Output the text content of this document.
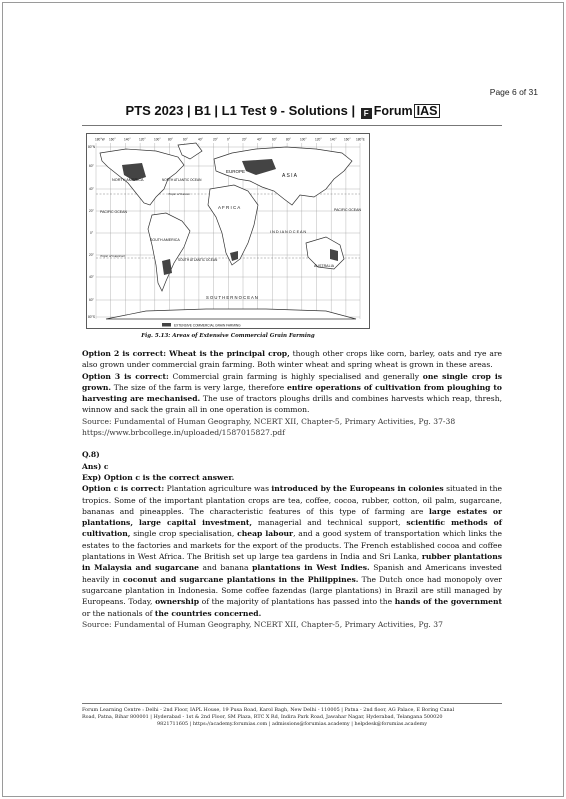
Page 6 of 31
PTS 2023 | B1 | L1 Test 9 - Solutions | F Forum IAS
180°W 160°	140°	120°	100° 80°	60°	40°	20°	0°	20°	40°	60°	80°	100°	120°	140° 160° 180°E
80°N
60°
40°
20°
0°
20°
40°
60°
80°S
EUROPE
A S I A
NORTH AMERICA	NORTH ATLANTIC OCEAN
Tropic of Cancer
PACIFIC OCEAN
A F R I C A	PACIFIC OCEAN
SOUTH AMERICA
I N D I A N O C E A N
Tropic of Capricorn
SOUTH ATLANTIC OCEAN
AUSTRALIA
S O U T H E R N O C E A N
EXTENSIVE COMMERCIAL GRAIN FARMING
Fig. 5.13: Areas of Extensive Commercial Grain Farming

Option 2 is correct: Wheat is the principal crop, though other crops like corn, barley, oats and rye are also grown under commercial grain farming. Both winter wheat and spring wheat is grown in these areas.

Option 3 is correct: Commercial grain farming is highly specialised and generally one single crop is grown. The size of the farm is very large, therefore entire operations of cultivation from ploughing to harvesting are mechanised. The use of tractors ploughs drills and combines harvests which reap, thresh, winnow and sack the grain all in one operation is common.

Source: Fundamental of Human Geography, NCERT XII, Chapter-5, Primary Activities, Pg. 37-38

https://www.brbcollege.in/uploaded/1587015827.pdf

Q.8)

Ans) c

Exp) Option c is the correct answer.

Option c is correct: Plantation agriculture was introduced by the Europeans in colonies situated in the tropics. Some of the important plantation crops are tea, coffee, cocoa, rubber, cotton, oil palm, sugarcane, bananas and pineapples. The characteristic features of this type of farming are large estates or plantations, large capital investment, managerial and technical support, scientific methods of cultivation, single crop specialisation, cheap labour, and a good system of transportation which links the estates to the factories and markets for the export of the products. The French established cocoa and coffee plantations in West Africa. The British set up large tea gardens in India and Sri Lanka, rubber plantations in Malaysia and sugarcane and banana plantations in West Indies. Spanish and Americans invested heavily in coconut and sugarcane plantations in the Philippines. The Dutch once had monopoly over sugarcane plantation in Indonesia. Some coffee fazendas (large plantations) in Brazil are still managed by Europeans. Today, ownership of the majority of plantations has passed into the hands of the government or the nationals of the countries concerned.

Source: Fundamental of Human Geography, NCERT XII, Chapter-5, Primary Activities, Pg. 37

Forum Learning Centre : Delhi - 2nd Floor, IAPL House, 19 Pusa Road, Karol Bagh, New Delhi - 110005 | Patna - 2nd floor, AG Palace, E Boring Canal
Road, Patna, Bihar 800001 | Hyderabad - 1st & 2nd Floor, SM Plaza, RTC X Rd, Indira Park Road, Jawahar Nagar, Hyderabad, Telangana 500020
9821711605 | https://academy.forumias.com | admissions@forumias.academy | helpdesk@forumias.academy
